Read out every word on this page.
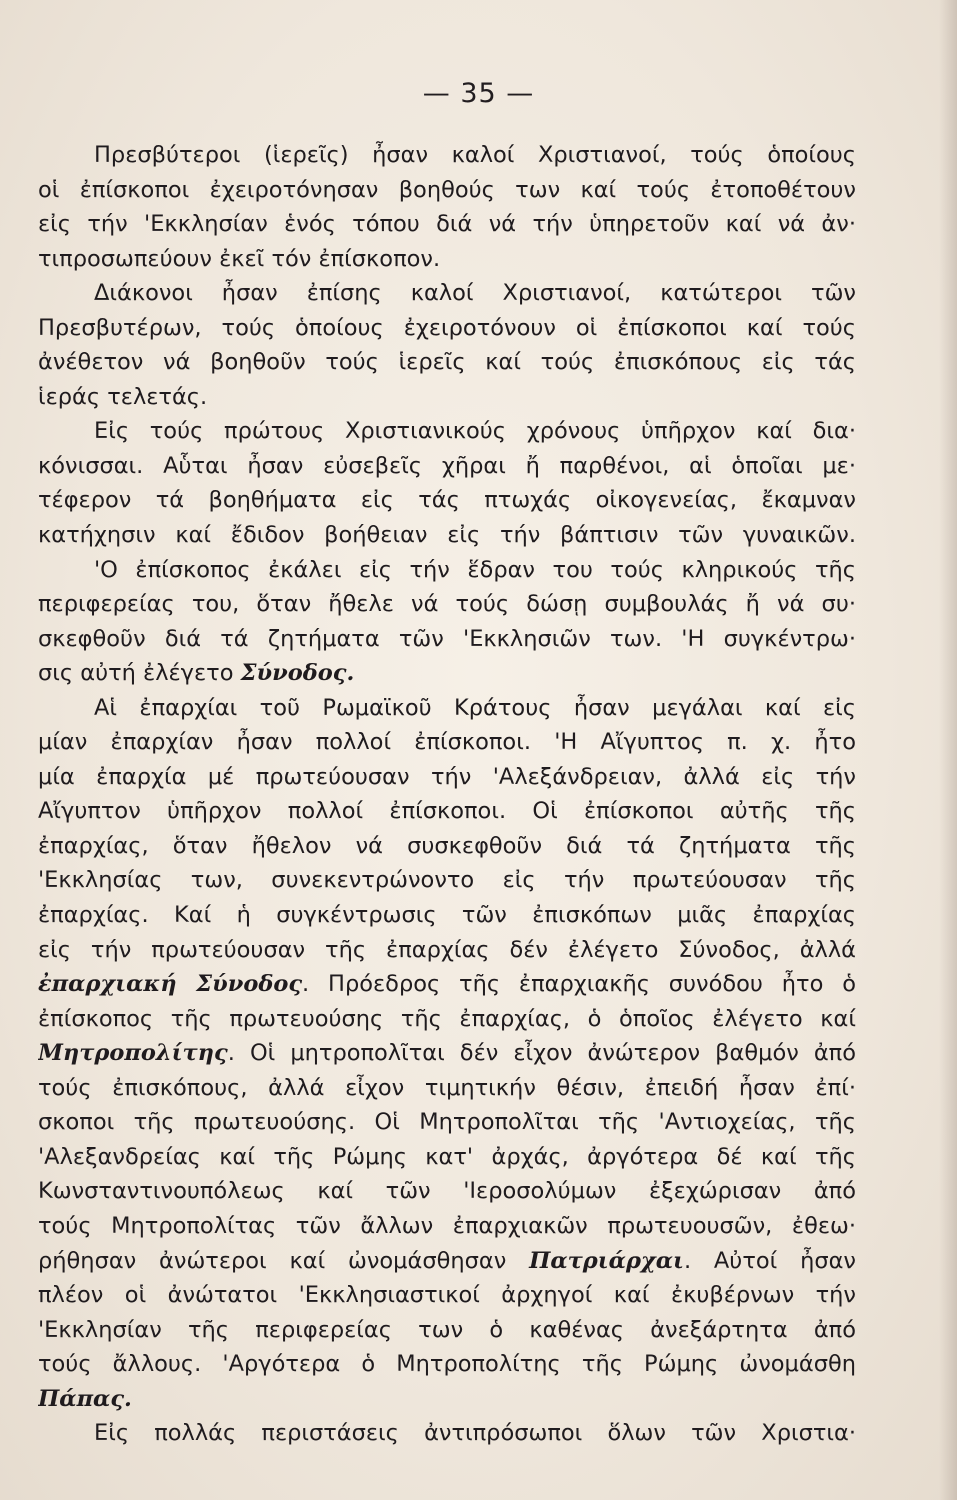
— 35 —
Πρεσβύτεροι (ἱερεῖς) ἦσαν καλοί Χριστιανοί, τούς ὁποίους
οἱ ἐπίσκοποι ἐχειροτόνησαν βοηθούς των καί τούς ἐτοποθέτουν
εἰς τήν 'Εκκλησίαν ἑνός τόπου διά νά τήν ὑπηρετοῦν καί νά ἀν·
τιπροσωπεύουν ἐκεῖ τόν ἐπίσκοπον.
Διάκονοι ἦσαν ἐπίσης καλοί Χριστιανοί, κατώτεροι τῶν
Πρεσβυτέρων, τούς ὁποίους ἐχειροτόνουν οἱ ἐπίσκοποι καί τούς
ἀνέθετον νά βοηθοῦν τούς ἱερεῖς καί τούς ἐπισκόπους εἰς τάς
ἱεράς τελετάς.
Εἰς τούς πρώτους Χριστιανικούς χρόνους ὑπῆρχον καί δια·
κόνισσαι. Αὗται ἦσαν εὐσεβεῖς χῆραι ἤ παρθένοι, αἱ ὁποῖαι με·
τέφερον τά βοηθήματα εἰς τάς πτωχάς οἰκογενείας, ἔκαμναν
κατήχησιν καί ἔδιδον βοήθειαν εἰς τήν βάπτισιν τῶν γυναικῶν.
'Ο ἐπίσκοπος ἐκάλει εἰς τήν ἕδραν του τούς κληρικούς τῆς
περιφερείας του, ὅταν ἤθελε νά τούς δώσῃ συμβουλάς ἤ νά συ·
σκεφθοῦν διά τά ζητήματα τῶν 'Εκκλησιῶν των. 'Η συγκέντρω·
σις αὐτή ἐλέγετο Σύνοδος.
Αἱ ἐπαρχίαι τοῦ Ρωμαϊκοῦ Κράτους ἦσαν μεγάλαι καί εἰς
μίαν ἐπαρχίαν ἦσαν πολλοί ἐπίσκοποι. 'Η Αἴγυπτος π. χ. ἦτο
μία ἐπαρχία μέ πρωτεύουσαν τήν 'Αλεξάνδρειαν, ἀλλά εἰς τήν
Αἴγυπτον ὑπῆρχον πολλοί ἐπίσκοποι. Οἱ ἐπίσκοποι αὐτῆς τῆς
ἐπαρχίας, ὅταν ἤθελον νά συσκεφθοῦν διά τά ζητήματα τῆς
'Εκκλησίας των, συνεκεντρώνοντο εἰς τήν πρωτεύουσαν τῆς
ἐπαρχίας. Καί ἡ συγκέντρωσις τῶν ἐπισκόπων μιᾶς ἐπαρχίας
εἰς τήν πρωτεύουσαν τῆς ἐπαρχίας δέν ἐλέγετο Σύνοδος, ἀλλά
ἐπαρχιακή Σύνοδος. Πρόεδρος τῆς ἐπαρχιακῆς συνόδου ἦτο ὁ
ἐπίσκοπος τῆς πρωτευούσης τῆς ἐπαρχίας, ὁ ὁποῖος ἐλέγετο καί
Μητροπολίτης. Οἱ μητροπολῖται δέν εἶχον ἀνώτερον βαθμόν ἀπό
τούς ἐπισκόπους, ἀλλά εἶχον τιμητικήν θέσιν, ἐπειδή ἦσαν ἐπί·
σκοποι τῆς πρωτευούσης. Οἱ Μητροπολῖται τῆς 'Αντιοχείας, τῆς
'Αλεξανδρείας καί τῆς Ρώμης κατ' ἀρχάς, ἀργότερα δέ καί τῆς
Κωνσταντινουπόλεως καί τῶν 'Ιεροσολύμων ἐξεχώρισαν ἀπό
τούς Μητροπολίτας τῶν ἄλλων ἐπαρχιακῶν πρωτευουσῶν, ἐθεω·
ρήθησαν ἀνώτεροι καί ὠνομάσθησαν Πατριάρχαι. Αὐτοί ἦσαν
πλέον οἱ ἀνώτατοι 'Εκκλησιαστικοί ἀρχηγοί καί ἐκυβέρνων τήν
'Εκκλησίαν τῆς περιφερείας των ὁ καθένας ἀνεξάρτητα ἀπό
τούς ἄλλους. 'Αργότερα ὁ Μητροπολίτης τῆς Ρώμης ὠνομάσθη
Πάπας.
Εἰς πολλάς περιστάσεις ἀντιπρόσωποι ὅλων τῶν Χριστια·
